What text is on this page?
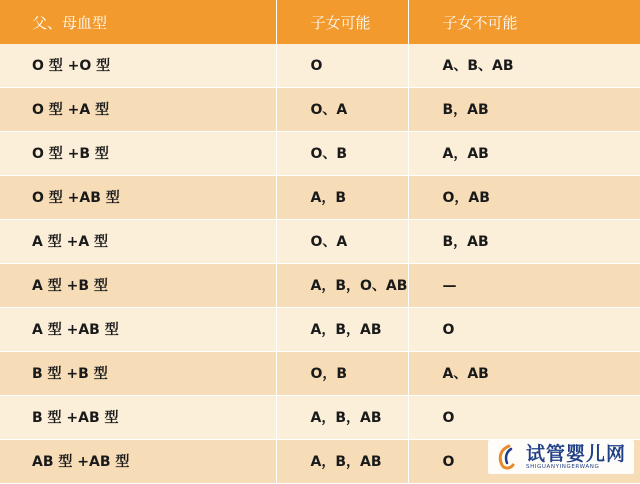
父、母血型	子女可能	子女不可能
O 型 +O 型	O	A、B、AB
O 型 +A 型	O、A	B，AB
O 型 +B 型	O、B	A，AB
O 型 +AB 型	A，B	O，AB
A 型 +A 型	O、A	B，AB
A 型 +B 型	A，B，O、AB	—
A 型 +AB 型	A，B，AB	O
B 型 +B 型	O，B	A、AB
B 型 +AB 型	A，B，AB	O
AB 型 +AB 型	A，B，AB	O	试管婴儿网
SHIGUANYINGERWANG
